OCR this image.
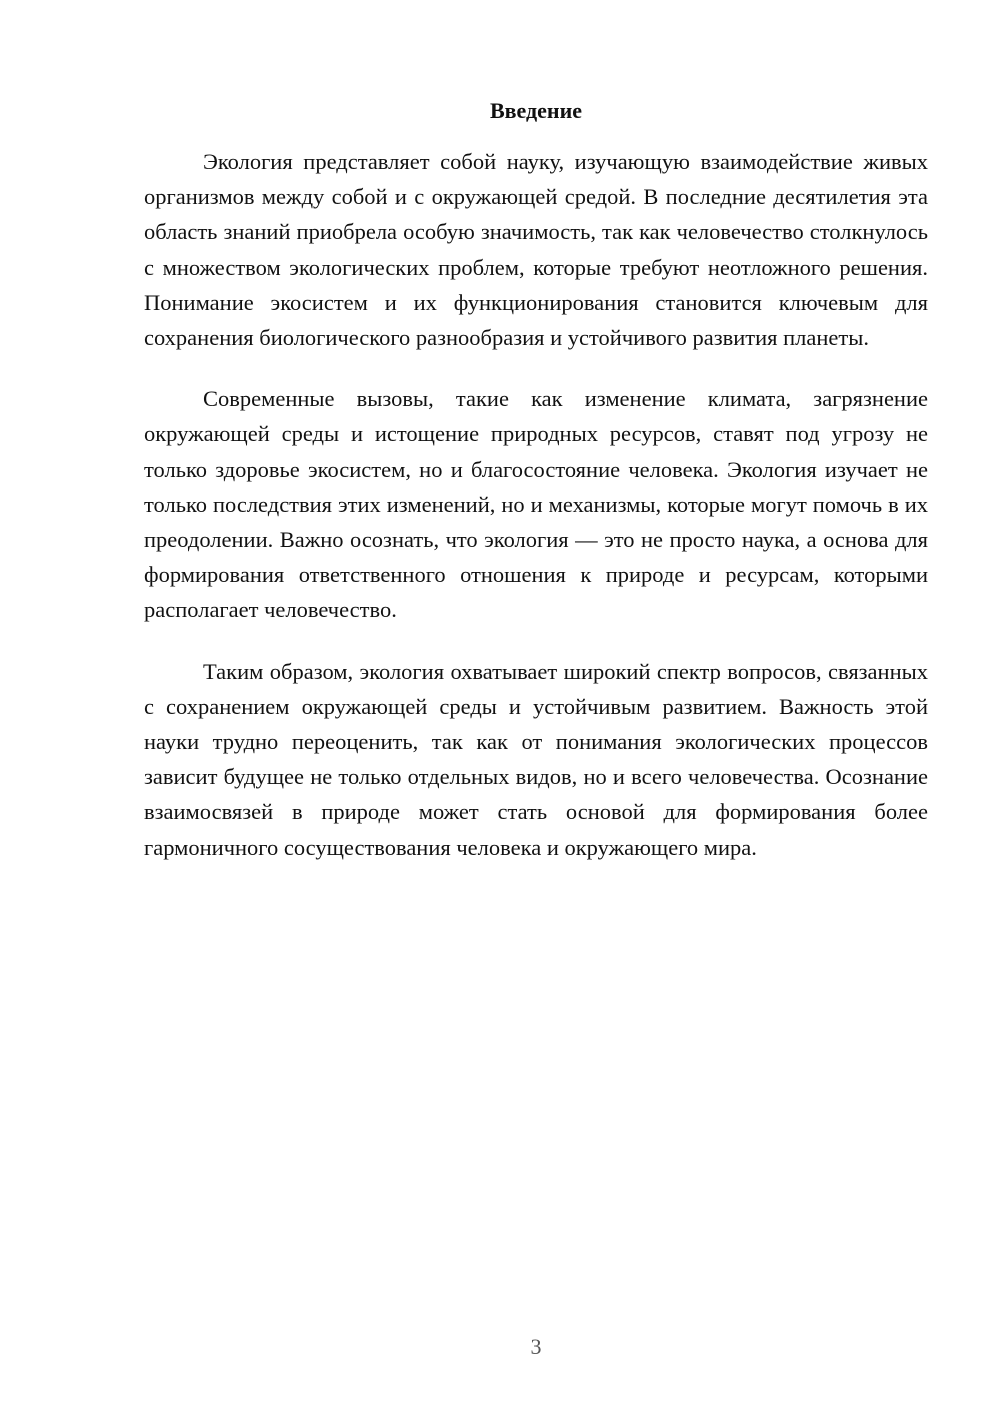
Введение

Экология представляет собой науку, изучающую взаимодействие живых организмов между собой и с окружающей средой. В последние десятилетия эта область знаний приобрела особую значимость, так как человечество столкнулось с множеством экологических проблем, которые требуют неотложного решения. Понимание экосистем и их функционирования становится ключевым для сохранения биологического разнообразия и устойчивого развития планеты.

Современные вызовы, такие как изменение климата, загрязнение окружающей среды и истощение природных ресурсов, ставят под угрозу не только здоровье экосистем, но и благосостояние человека. Экология изучает не только последствия этих изменений, но и механизмы, которые могут помочь в их преодолении. Важно осознать, что экология — это не просто наука, а основа для формирования ответственного отношения к природе и ресурсам, которыми располагает человечество.

Таким образом, экология охватывает широкий спектр вопросов, связанных с сохранением окружающей среды и устойчивым развитием. Важность этой науки трудно переоценить, так как от понимания экологических процессов зависит будущее не только отдельных видов, но и всего человечества. Осознание взаимосвязей в природе может стать основой для формирования более гармоничного сосуществования человека и окружающего мира.

3
